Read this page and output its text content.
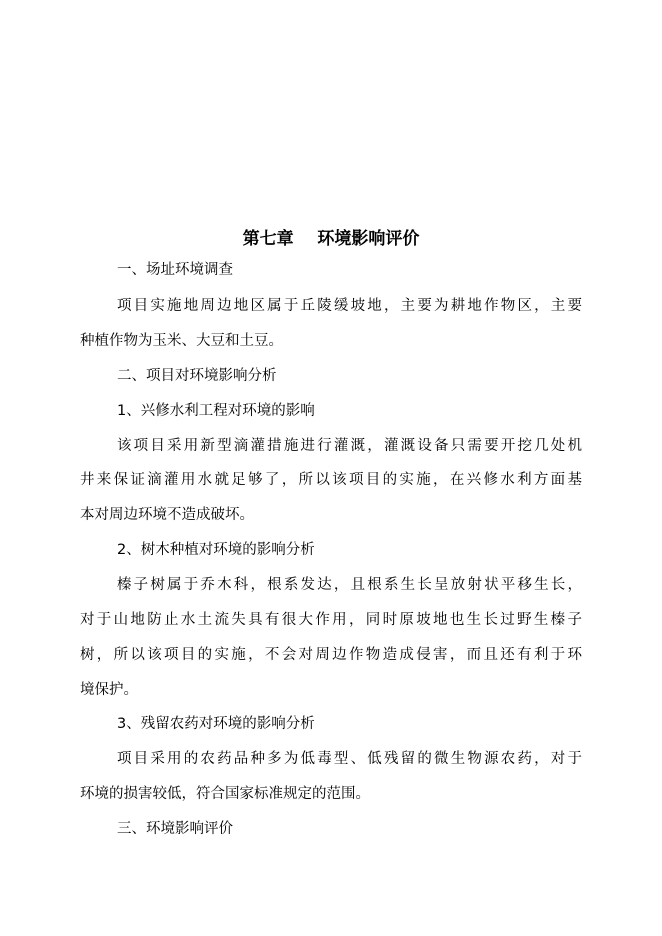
第七章    环境影响评价
一、场址环境调查
项目实施地周边地区属于丘陵缓坡地，主要为耕地作物区，主要
种植作物为玉米、大豆和土豆。
二、项目对环境影响分析
1、兴修水利工程对环境的影响
该项目采用新型滴灌措施进行灌溉，灌溉设备只需要开挖几处机
井来保证滴灌用水就足够了，所以该项目的实施，在兴修水利方面基
本对周边环境不造成破坏。
2、树木种植对环境的影响分析
榛子树属于乔木科，根系发达，且根系生长呈放射状平移生长，
对于山地防止水土流失具有很大作用，同时原坡地也生长过野生榛子
树，所以该项目的实施，不会对周边作物造成侵害，而且还有利于环
境保护。
3、残留农药对环境的影响分析
项目采用的农药品种多为低毒型、低残留的微生物源农药，对于
环境的损害较低，符合国家标准规定的范围。
三、环境影响评价
